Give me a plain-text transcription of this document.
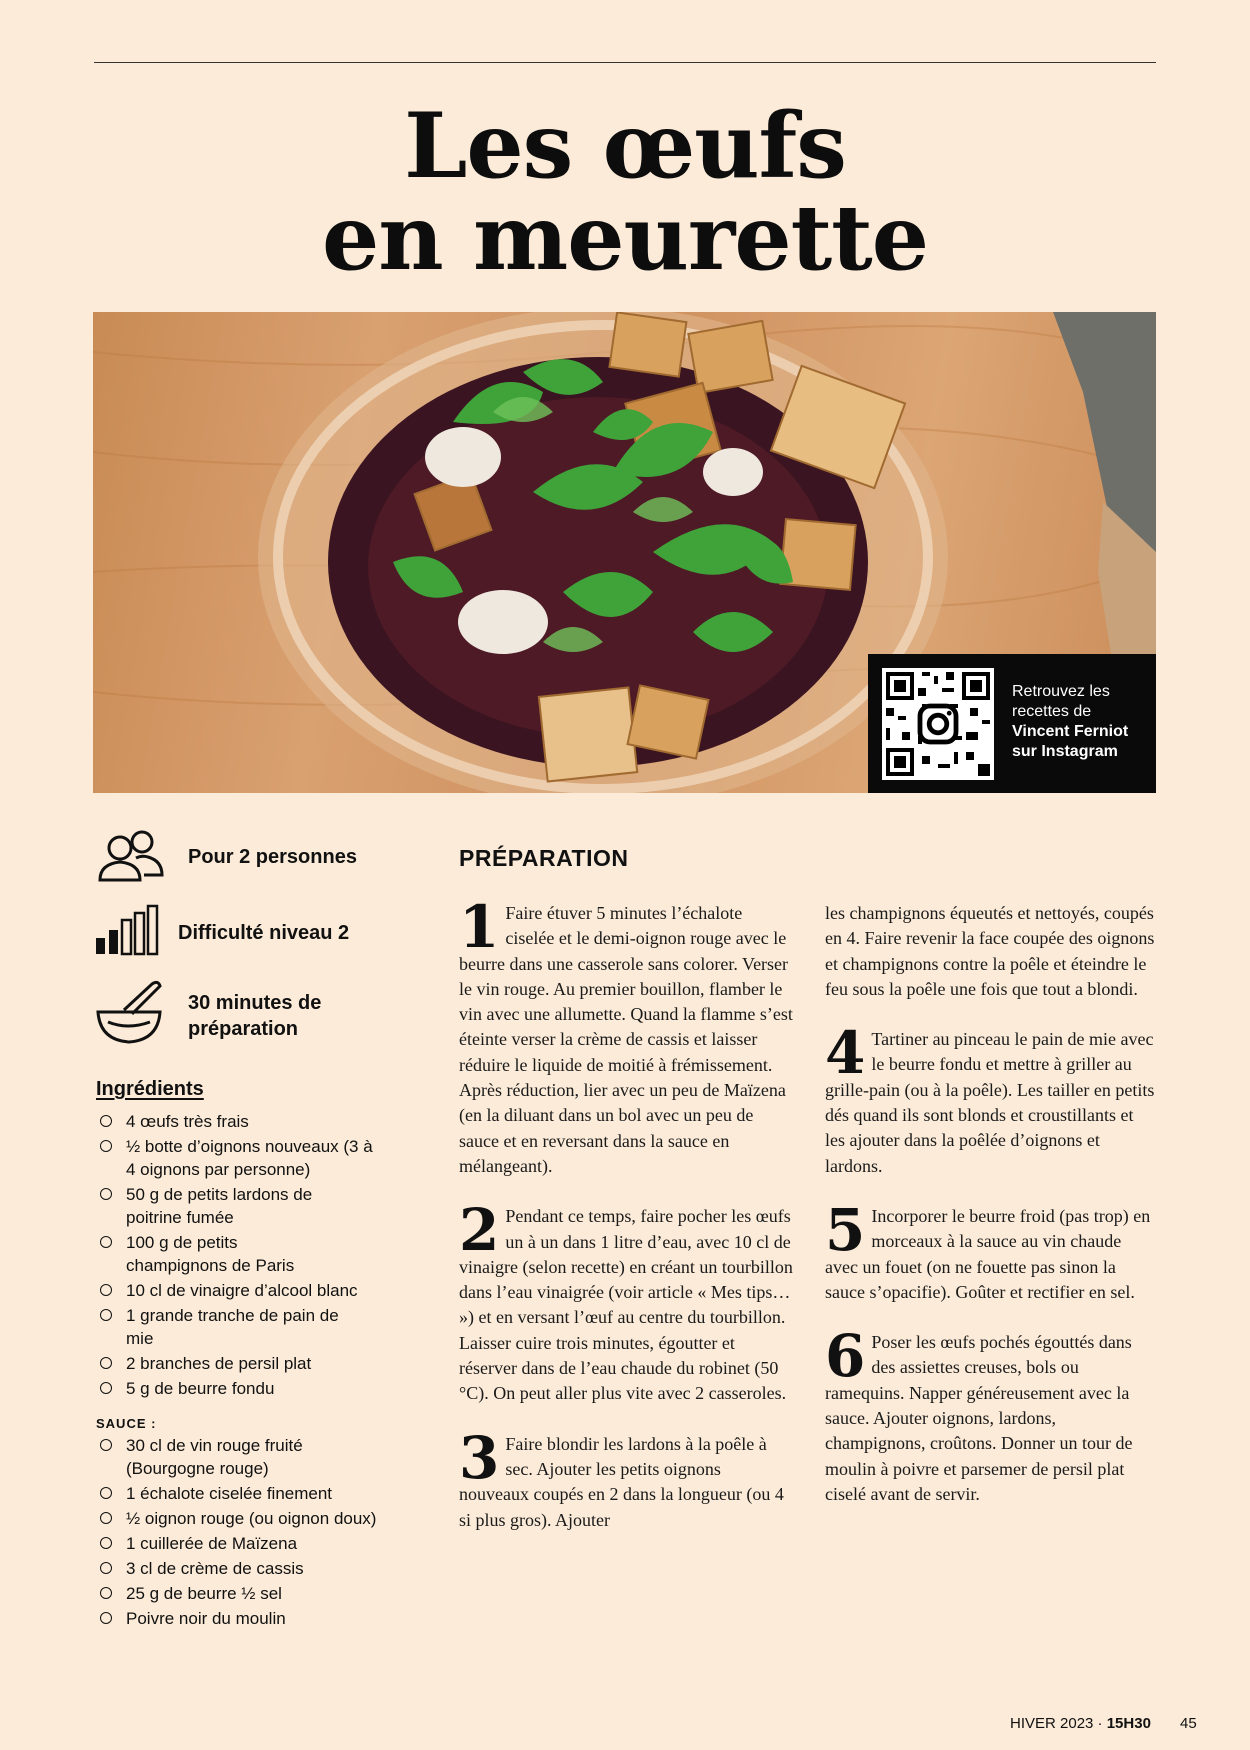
Les œufs
en meurette
Retrouvez les
recettes de
Vincent Ferniot
sur Instagram
Pour 2 personnes
Difficulté niveau 2
30 minutes de
préparation
Ingrédients
4 œufs très frais
½ botte d’oignons nouveaux (3 à 4 oignons par personne)
50 g de petits lardons de poitrine fumée
100 g de petits champignons de Paris
10 cl de vinaigre d’alcool blanc
1 grande tranche de pain de mie
2 branches de persil plat
5 g de beurre fondu
SAUCE :
30 cl de vin rouge fruité (Bourgogne rouge)
1 échalote ciselée finement
½ oignon rouge (ou oignon doux)
1 cuillerée de Maïzena
3 cl de crème de cassis
25 g de beurre ½ sel
Poivre noir du moulin
PRÉPARATION
1 Faire étuver 5 minutes l’échalote ciselée et le demi-oignon rouge avec le beurre dans une casserole sans colorer. Verser le vin rouge. Au premier bouillon, flamber le vin avec une allumette. Quand la flamme s’est éteinte verser la crème de cassis et laisser réduire le liquide de moitié à frémissement. Après réduction, lier avec un peu de Maïzena (en la diluant dans un bol avec un peu de sauce et en reversant dans la sauce en mélangeant).
2 Pendant ce temps, faire pocher les œufs un à un dans 1 litre d’eau, avec 10 cl de vinaigre (selon recette) en créant un tourbillon dans l’eau vinaigrée (voir article « Mes tips… ») et en versant l’œuf au centre du tourbillon. Laisser cuire trois minutes, égoutter et réserver dans de l’eau chaude du robinet (50 °C). On peut aller plus vite avec 2 casseroles.
3 Faire blondir les lardons à la poêle à sec. Ajouter les petits oignons nouveaux coupés en 2 dans la longueur (ou 4 si plus gros). Ajouter
les champignons équeutés et nettoyés, coupés en 4. Faire revenir la face coupée des oignons et champignons contre la poêle et éteindre le feu sous la poêle une fois que tout a blondi.
4 Tartiner au pinceau le pain de mie avec le beurre fondu et mettre à griller au grille-pain (ou à la poêle). Les tailler en petits dés quand ils sont blonds et croustillants et les ajouter dans la poêlée d’oignons et lardons.
5 Incorporer le beurre froid (pas trop) en morceaux à la sauce au vin chaude avec un fouet (on ne fouette pas sinon la sauce s’opacifie). Goûter et rectifier en sel.
6 Poser les œufs pochés égouttés dans des assiettes creuses, bols ou ramequins. Napper généreusement avec la sauce. Ajouter oignons, lardons, champignons, croûtons. Donner un tour de moulin à poivre et parsemer de persil plat ciselé avant de servir.
HIVER 2023 · 15H30 45
